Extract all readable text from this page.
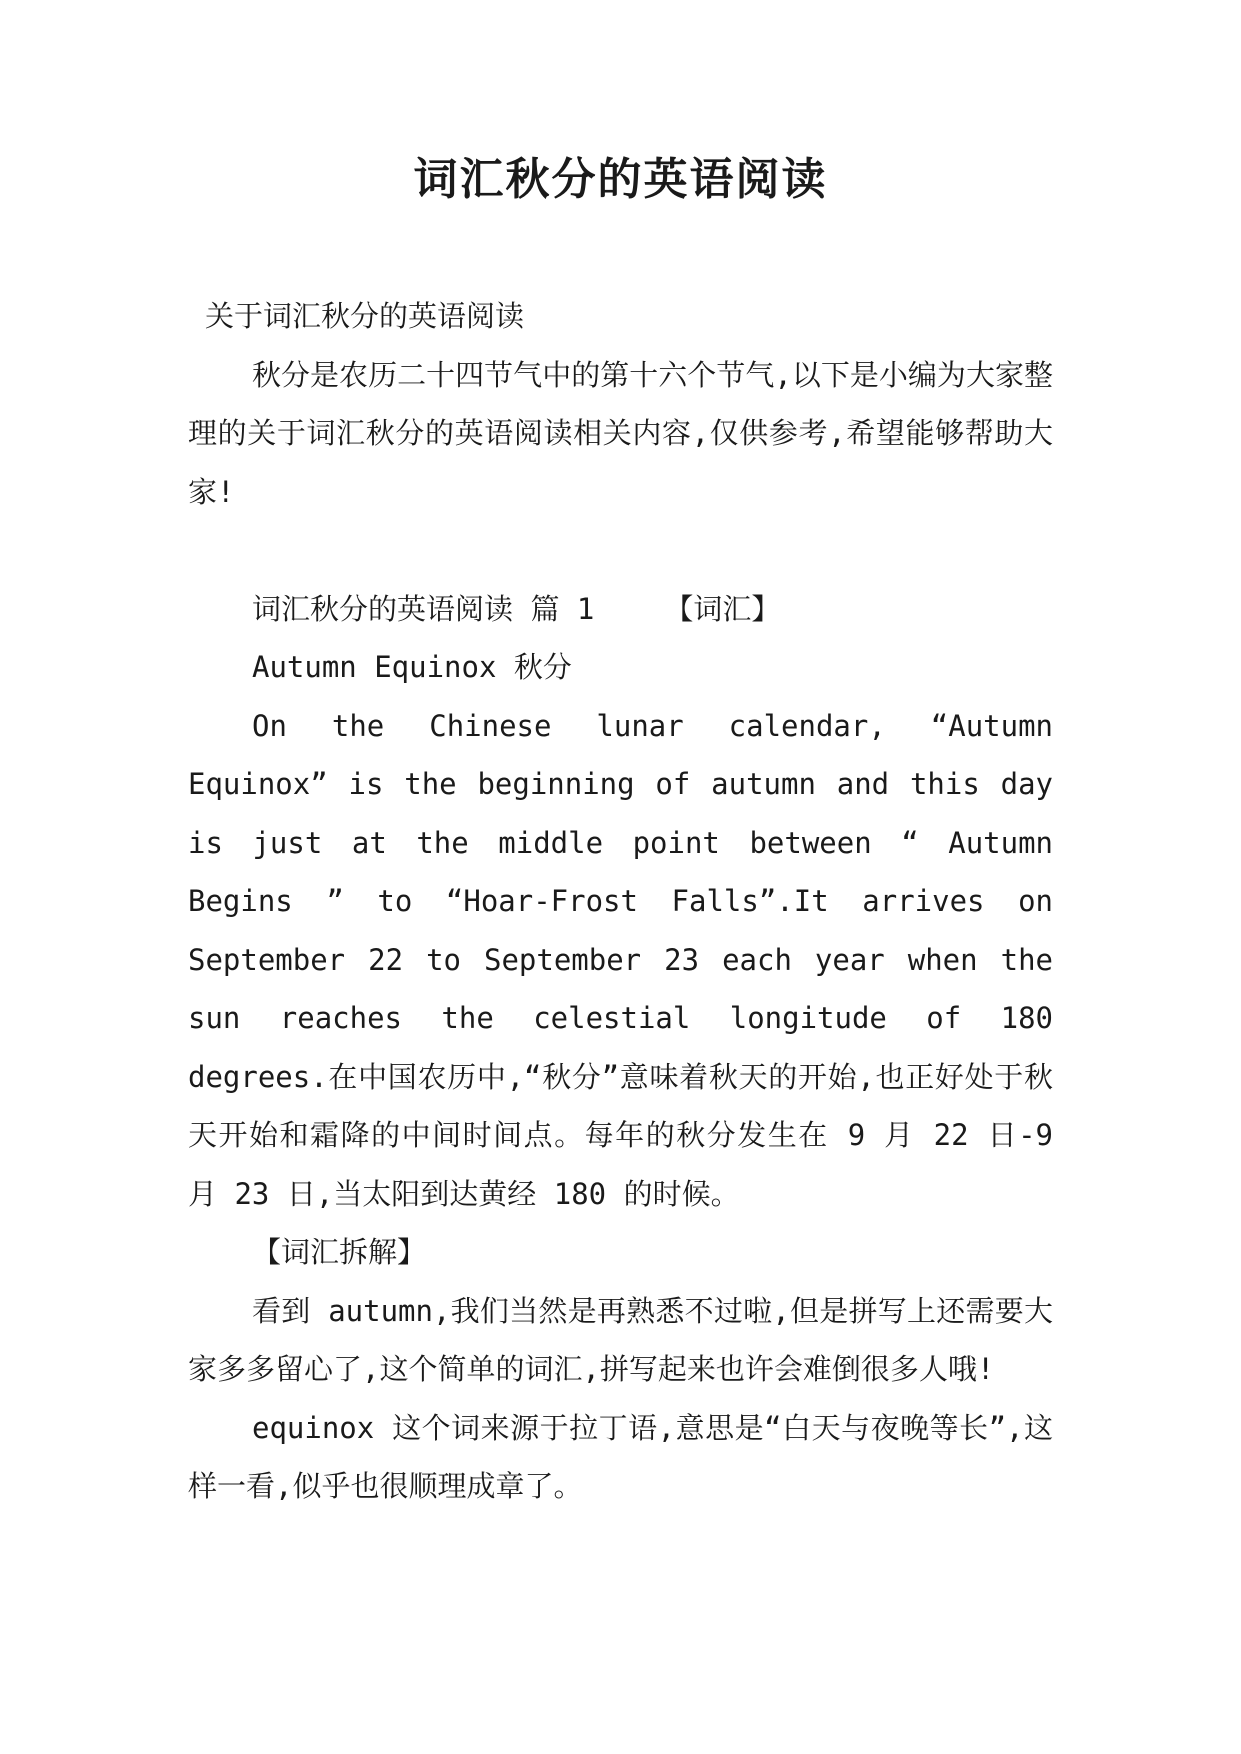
词汇秋分的英语阅读

关于词汇秋分的英语阅读

秋分是农历二十四节气中的第十六个节气,以下是小编为大家整理的关于词汇秋分的英语阅读相关内容,仅供参考,希望能够帮助大家!

词汇秋分的英语阅读 篇 1 【词汇】

Autumn Equinox 秋分

On the Chinese lunar calendar, “Autumn Equinox” is the beginning of autumn and this day is just at the middle point between “ Autumn Begins ” to “Hoar-Frost Falls”.It arrives on September 22 to September 23 each year when the sun reaches the celestial longitude of 180 degrees.在中国农历中,“秋分”意味着秋天的开始,也正好处于秋天开始和霜降的中间时间点。每年的秋分发生在 9 月 22 日-9 月 23 日,当太阳到达黄经 180 的时候。

【词汇拆解】

看到 autumn,我们当然是再熟悉不过啦,但是拼写上还需要大家多多留心了,这个简单的词汇,拼写起来也许会难倒很多人哦!

equinox 这个词来源于拉丁语,意思是“白天与夜晚等长”,这样一看,似乎也很顺理成章了。
